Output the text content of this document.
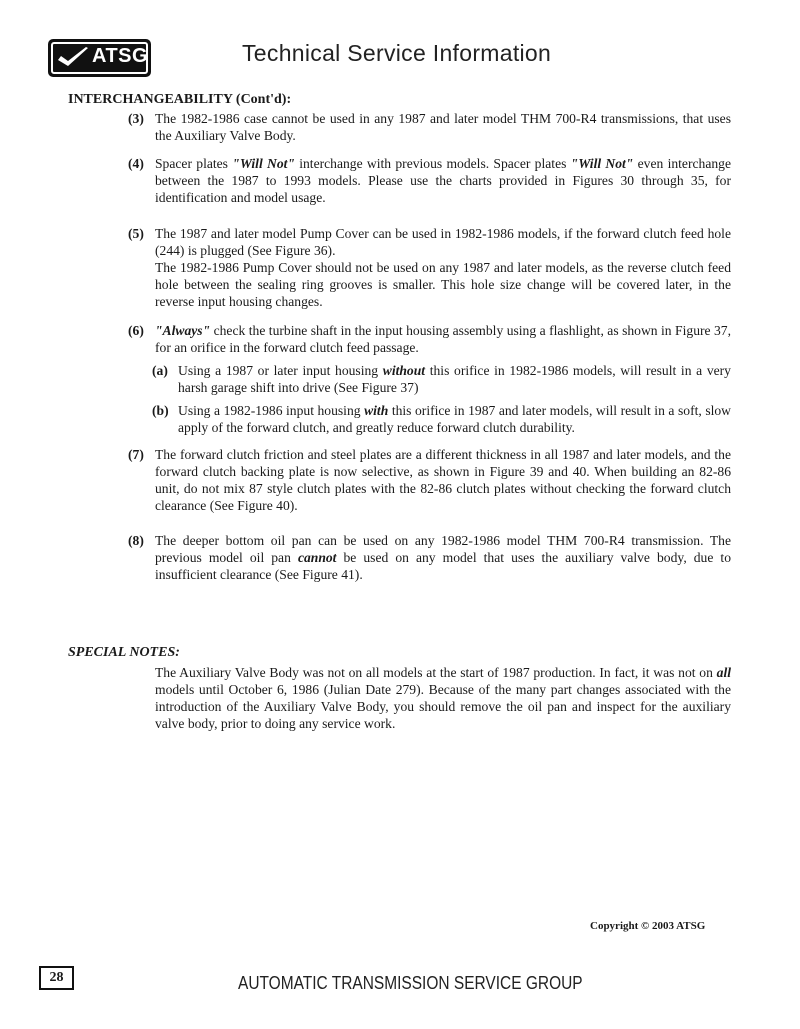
ATSG	Technical Service Information
INTERCHANGEABILITY (Cont'd):
(3) The 1982-1986 case cannot be used in any 1987 and later model THM 700-R4 transmissions, that uses the Auxiliary Valve Body.

(4) Spacer plates "Will Not" interchange with previous models. Spacer plates "Will Not" even interchange between the 1987 to 1993 models. Please use the charts provided in Figures 30 through 35, for identification and model usage.

(5) The 1987 and later model Pump Cover can be used in 1982-1986 models, if the forward clutch feed hole (244) is plugged (See Figure 36).

The 1982-1986 Pump Cover should not be used on any 1987 and later models, as the reverse clutch feed hole between the sealing ring grooves is smaller. This hole size change will be covered later, in the reverse input housing changes.

(6) "Always" check the turbine shaft in the input housing assembly using a flashlight, as shown in Figure 37, for an orifice in the forward clutch feed passage.

(a) Using a 1987 or later input housing without this orifice in 1982-1986 models, will result in a very harsh garage shift into drive (See Figure 37)

(b) Using a 1982-1986 input housing with this orifice in 1987 and later models, will result in a soft, slow apply of the forward clutch, and greatly reduce forward clutch durability.

(7) The forward clutch friction and steel plates are a different thickness in all 1987 and later models, and the forward clutch backing plate is now selective, as shown in Figure 39 and 40. When building an 82-86 unit, do not mix 87 style clutch plates with the 82-86 clutch plates without checking the forward clutch clearance (See Figure 40).

(8) The deeper bottom oil pan can be used on any 1982-1986 model THM 700-R4 transmission. The previous model oil pan cannot be used on any model that uses the auxiliary valve body, due to insufficient clearance (See Figure 41).

SPECIAL NOTES:

The Auxiliary Valve Body was not on all models at the start of 1987 production. In fact, it was not on all models until October 6, 1986 (Julian Date 279). Because of the many part changes associated with the introduction of the Auxiliary Valve Body, you should remove the oil pan and inspect for the auxiliary valve body, prior to doing any service work.

Copyright © 2003 ATSG
28	AUTOMATIC TRANSMISSION SERVICE GROUP
